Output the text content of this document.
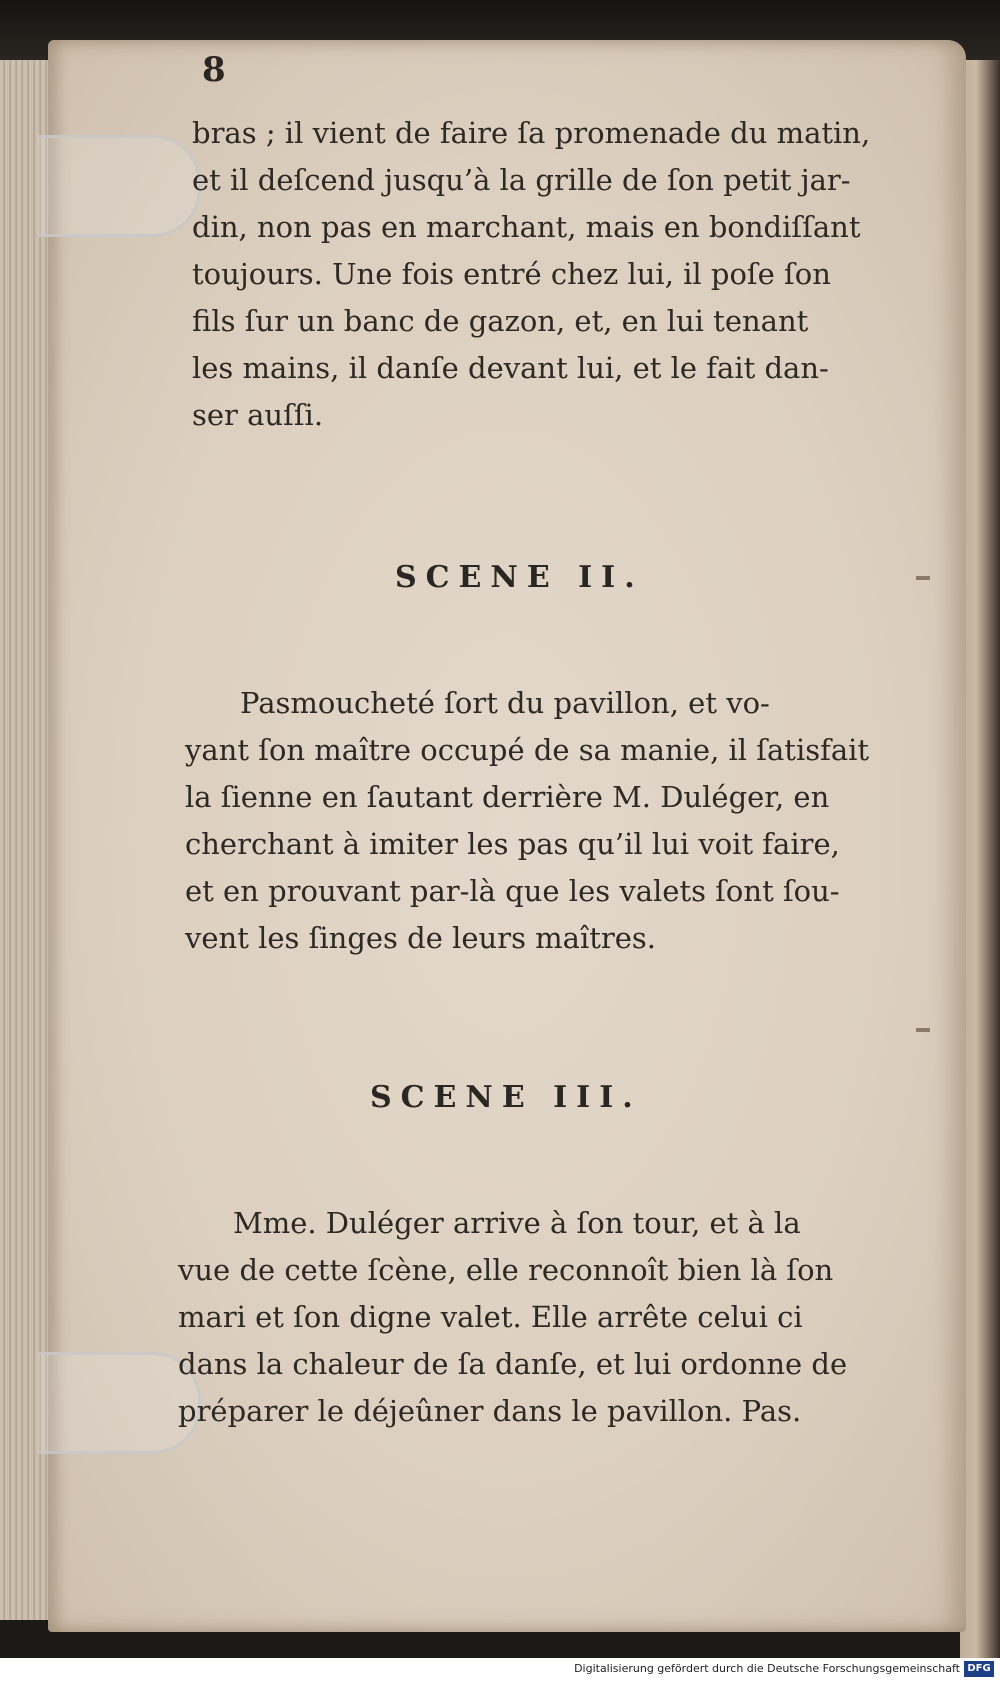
8
bras ; il vient de faire ſa promenade du matin,
et il deſcend jusqu’à la grille de ſon petit jar-
din, non pas en marchant, mais en bondiſſant
toujours. Une fois entré chez lui, il poſe ſon
fils ſur un banc de gazon, et, en lui tenant
les mains, il danſe devant lui, et le fait dan-
ser auſſi.
SCENE II.
Pasmoucheté ſort du pavillon, et vo-
yant ſon maître occupé de sa manie, il ſatisfait
la ſienne en ſautant derrière M. Duléger, en
cherchant à imiter les pas qu’il lui voit faire,
et en prouvant par-là que les valets ſont ſou-
vent les ſinges de leurs maîtres.
SCENE III.
Mme. Duléger arrive à ſon tour, et à la
vue de cette ſcène, elle reconnoît bien là ſon
mari et ſon digne valet. Elle arrête celui ci
dans la chaleur de ſa danſe, et lui ordonne de
préparer le déjeûner dans le pavillon. Pas.
Digitalisierung gefördert durch die Deutsche Forschungsgemeinschaft DFG
